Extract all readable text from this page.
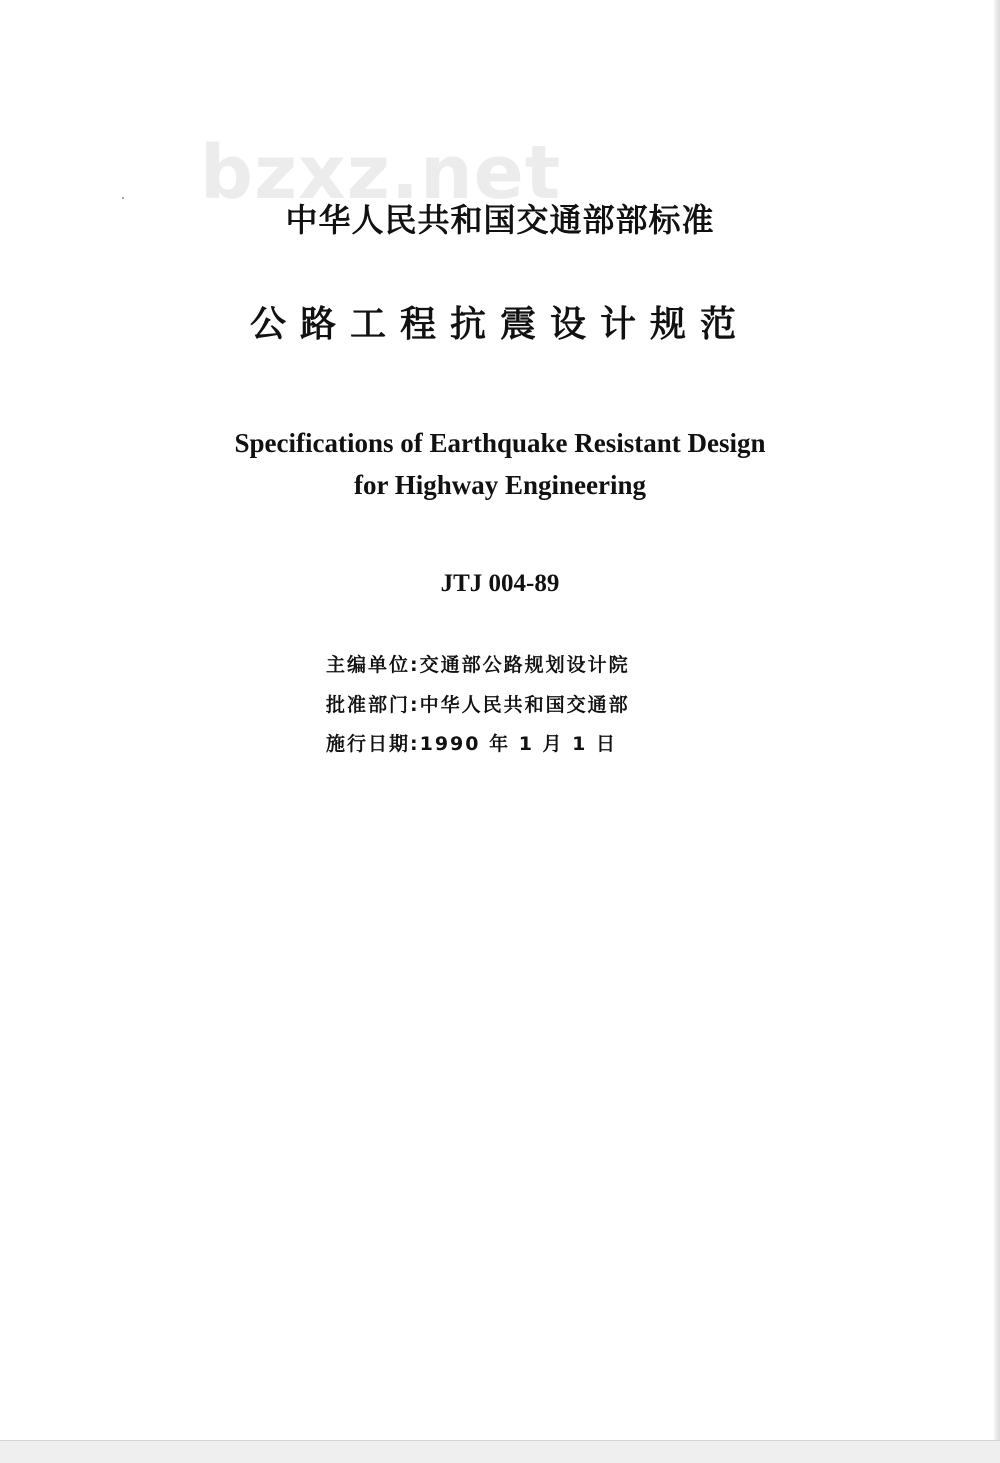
bzxz.net
中华人民共和国交通部部标准
公路工程抗震设计规范
Specifications of Earthquake Resistant Design
for Highway Engineering
JTJ 004-89
主编单位:交通部公路规划设计院
批准部门:中华人民共和国交通部
施行日期:1990 年 1 月 1 日
